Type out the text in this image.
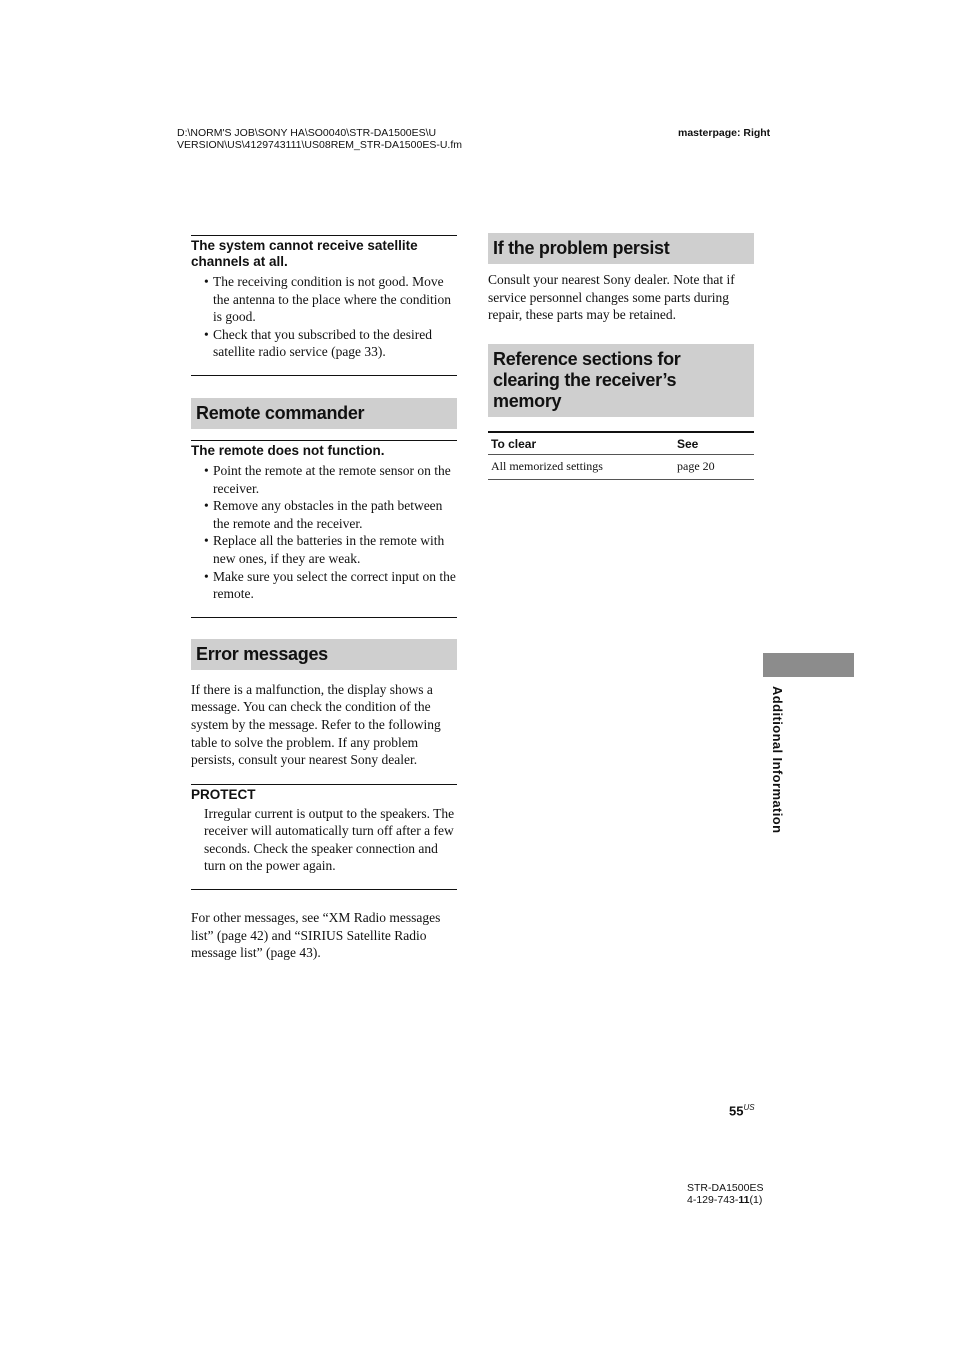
D:\NORM'S JOB\SONY HA\SO0040\STR-DA1500ES\U
VERSION\US\4129743111\US08REM_STR-DA1500ES-U.fm
masterpage: Right
The system cannot receive satellite channels at all.
• The receiving condition is not good. Move the antenna to the place where the condition is good.
• Check that you subscribed to the desired satellite radio service (page 33).
Remote commander
The remote does not function.
• Point the remote at the remote sensor on the receiver.
• Remove any obstacles in the path between the remote and the receiver.
• Replace all the batteries in the remote with new ones, if they are weak.
• Make sure you select the correct input on the remote.
Error messages

If there is a malfunction, the display shows a message. You can check the condition of the system by the message. Refer to the following table to solve the problem. If any problem persists, consult your nearest Sony dealer.

PROTECT

Irregular current is output to the speakers. The receiver will automatically turn off after a few seconds. Check the speaker connection and turn on the power again.

For other messages, see “XM Radio messages list” (page 42) and “SIRIUS Satellite Radio message list” (page 43).

If the problem persist

Consult your nearest Sony dealer. Note that if service personnel changes some parts during repair, these parts may be retained.

Reference sections for clearing the receiver’s memory
To clear	See
All memorized settings	page 20
Additional Information
$55^{US}$
STR-DA1500ES
4-129-743-11(1)
